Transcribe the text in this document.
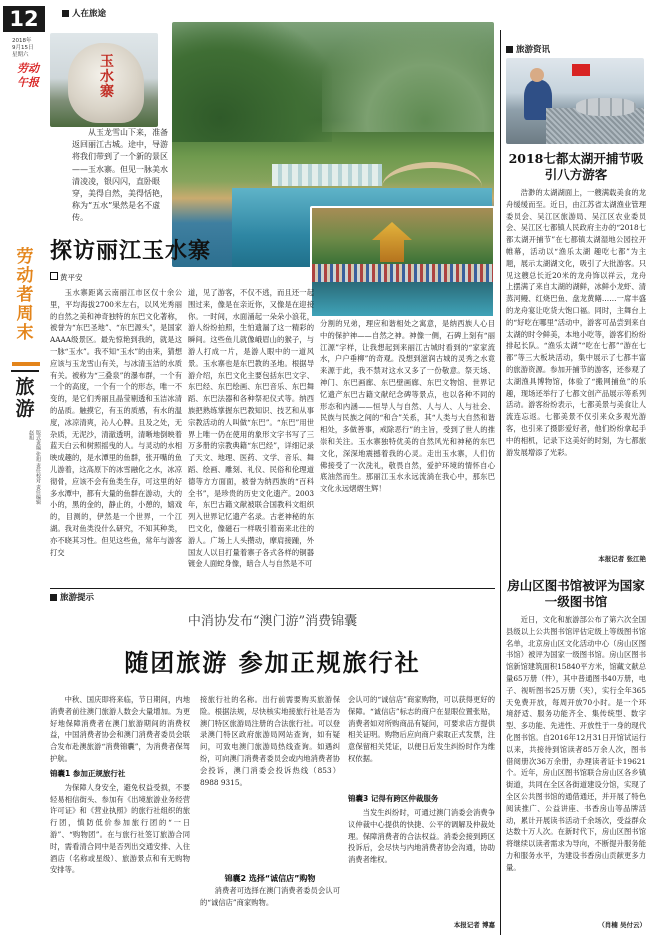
12
2018年
9月15日
星期六
劳动午报
劳动者周末
旅游
版式责编 张旭 责任校对 责任编辑 赵旭
人在旅途
玉水寨
从玉龙雪山下来，准备返回丽江古城。途中，导游将我们带到了一个新的景区——玉水寨。但见一脉美水清凌凌，银闪闪，直卧眼穿，美得自然，美得恬艳，称为“五水”果然是名不虚传。
探访丽江玉水寨
黄平安
玉水寨距离云南丽江市区仅十余公里，平均海拔2700米左右，以风光秀丽的自然之美和神奇独特的东巴文化著称，被誉为“东巴圣地”、“东巴源头”，是国家AAAA级景区。最先惊艳到我的，就是这一脉“玉水”。我不知“玉水”的由来，猜想应该与玉龙雪山有关，与冰清玉洁的水质有关。被称为“三叠泉”的瀑布群，一个有一个的高度，一个有一个的形态，唯一不变的，是它们秀丽且晶莹剔透和玉洁冰清的品质。触摸它，有玉的质感，有水的温度，冰凉清爽，沁人心脾。且及之处，无杂质，无泥沙，清澈透明，清晰地倒映着蓝天白云和树照摇曳的人。与灵动的水相映成趣的，是水潭里的鱼群，张开嘴的鱼儿游着，这高原下的冰雪融化之水，冰凉彻骨，应该不会有鱼类生存，可这里的好多水潭中，都有大量的鱼群在游动，大的小的，黑的金的，静止的，小憩的，嬉戏的，目测的，伊然是一个世界，一个江湖。我对鱼类没什么研究，不知其种类，亦不晓其习性。但见这些鱼，常年与游客打交
道，见了游客，不仅不逃，而且还一起围过来，像是在亲近你，又像是在迎接你。一时间，水面涌起一朵朵小浪花，游人纷纷拍照，生怕遗漏了这一精彩的瞬间。这些鱼儿就像峨眉山的猴子，与游人打成一片，是游人眼中的一道风景。玉水寨也是东巴教的圣地。根据导游介绍，东巴文化主要包括东巴文字、东巴经、东巴绘画、东巴音乐、东巴舞蹈、东巴法器和各种祭祀仪式等。纳西族把熟练掌握东巴教知识、技艺和从事宗教活动的人叫做“东巴”。“东巴”用世界上唯一仍在使用的象形文字书写了三万多册的宗教典籍“东巴经”，详细记录了天文、地理、医药、文学、音乐、舞蹈、绘画、雕刻、礼仪、民俗和伦理道德等方方面面，被誉为纳西族的“百科全书”，是珍贵的历史文化遗产。2003年，东巴古籍文献被联合国教科文组织列入世界记忆遗产名录。古老神秘的东巴文化，像磁石一样吸引着南来北往的游人。广场上人头攒动，摩肩接踵，外国友人以目打量着寨子各式各样的铜器镀金人面蛇身像，暗合人与自然是不可
分割的兄弟，理应和谐相处之寓意，是纳西族人心目中的保护神——自然之神。神像一侧，石碑上刻有“丽江源”字样，让我想起到来丽江古城时看到的“家家流水，户户垂柳”的奇观。没想到滋润古城的灵秀之水竟来源于此，我不禁对这水又多了一份敬意。祭天场、神门、东巴画廊、东巴壁画廊、东巴文物馆、世界记忆遗产东巴古籍文献纪念碑等景点，也以各种不同的形态和内涵——恒导人与自然、人与人、人与社会、民族与民族之间的“和合”关系，其“人类与大自然和谐相处，多做善事，戒除恶行”的主旨，受到了世人的推崇和关注。玉水寨独特优美的自然风光和神秘的东巴文化，深深地震撼着我的心灵。走出玉水寨，人们仿佛接受了一次洗礼，敬畏自然，爱护环境的情怀自心底油然而生。那丽江玉水永远流淌在我心中，那东巴文化永远熠熠生辉！
旅游资讯
2018七都太湖开捕节吸引八方游客
浩渺的太湖湖面上，一艘满载美食的龙舟缓缓而至。近日，由江苏省太湖渔业管理委员会、吴江区旅游局、吴江区农业委员会、吴江区七都镇人民政府主办的“2018七都太湖开捕节”在七都镇太湖湿地公园拉开帷幕，活动以“渔乐太湖 趣吃七都”为主题，展示太湖湖文化，吸引了大批游客。只见这艘总长近20米的龙舟饰以祥云，龙舟上摆满了来自太湖的湖鲜，冰鲜小龙虾、清蒸河鳗、红烧巴鱼、盘龙黄鳝……一席丰盛的龙舟宴让吃货大饱口福。同时，主舞台上的“好吃在哪里”活动中，游客可品尝到来自太湖的时令鲜美，本地小吃等，游客们纷纷排起长队。“渔乐太湖”“吃在七都”“游在七都”等三大板块活动，集中展示了七都丰富的旅游资源。参加开捕节的游客，还参观了太湖渔具博物馆，体验了“搬网捕鱼”的乐趣，现场还举行了七都文创产品展示等系列活动。游客纷纷表示，七都美景与美食让人流连忘返。七都美景不仅引来众多观光游客，也引来了摄影爱好者，他们纷纷拿起手中的相机，记录下这美好的时刻，为七都旅游发展增添了光彩。
本报记者 张江艳
房山区图书馆被评为国家一级图书馆
近日，文化和旅游部公布了第六次全国县级以上公共图书馆评估定级上等级图书馆名单，北京房山区文化活动中心（房山区图书馆）被评为国家一级图书馆。房山区图书馆新馆建筑面积15840平方米，馆藏文献总量65万册（件），其中普通图书40万册，电子、视听图书25万册（夹），实行全年365天免费开放，每周开放70小时。是一个环境舒适、服务功能齐全、集传统型、数字型、多功能、先进性、开放性于一身的现代化图书馆。自2016年12月31日开馆试运行以来，共接待到馆读者85万余人次，图书借阅册次36万余册，办理读者证卡19621个。近年，房山区图书馆联合房山区各乡镇街道，共同在全区各街道建设分馆，实现了全区公共图书馆的通借通还，并开展了特色阅读推广、公益讲座、书香房山等品牌活动，累计开展读书活动千余场次，受益群众达数十万人次。在新时代下，房山区图书馆将继续以读者需求为导向，不断提升服务能力和服务水平，为建设书香房山贡献更多力量。
（肖楠 吴付云）
旅游提示
中消协发布“澳门游”消费锦囊
随团旅游 参加正规旅行社

中秋、国庆即将来临，节日期间，内地消费者前往澳门旅游人数会大量增加。为更好地保障消费者在澳门旅游期间的消费权益，中国消费者协会和澳门消费者委员会联合发布赴澳旅游“消费锦囊”，为消费者保驾护航。

锦囊1 参加正规旅行社

为保障人身安全，避免权益受损，不要轻易相信街头、参加有《出境旅游业务经营许可证》和《营业执照》的旅行社组织的旅行团，慎防低价参加旅行团的“一日游”、“购物团”。在与旅行社签订旅游合同时，需看清合同中是否列出交通安排、入住酒店（名称或星级）、旅游景点和有无购物安排等。

接旅行社的名称。出行前需要购买旅游保险。根据法规，尽快核实地接旅行社是否为澳门特区旅游局注册的合法旅行社。可以登录澳门特区政府旅游局网站查询，如有疑问，可致电澳门旅游局热线查询。如遇纠纷，可向澳门消费者委员会或内地消费者协会投诉，澳门消委会投诉热线（853）8988 9315。

锦囊2 选择“诚信店”购物

消费者可选择在澳门消费者委员会认可的“诚信店”商家购物。

会认可的“诚信店”商家购物，可以获得更好的保障。“诚信店”标志的商户在显眼位置张贴，消费者如对所购商品有疑问，可要求店方提供相关证明。购物后应向商户索取正式发票，注意保留相关凭证，以便日后发生纠纷时作为维权依据。

锦囊3 记得有跨区仲裁服务

当发生纠纷时，可通过澳门消委会消费争议仲裁中心提供的快捷、公平的调解及仲裁处理。保障消费者的合法权益。消委会接到跨区投诉后，会尽快与内地消费者协会沟通，协助消费者维权。

本报记者 博嘉
